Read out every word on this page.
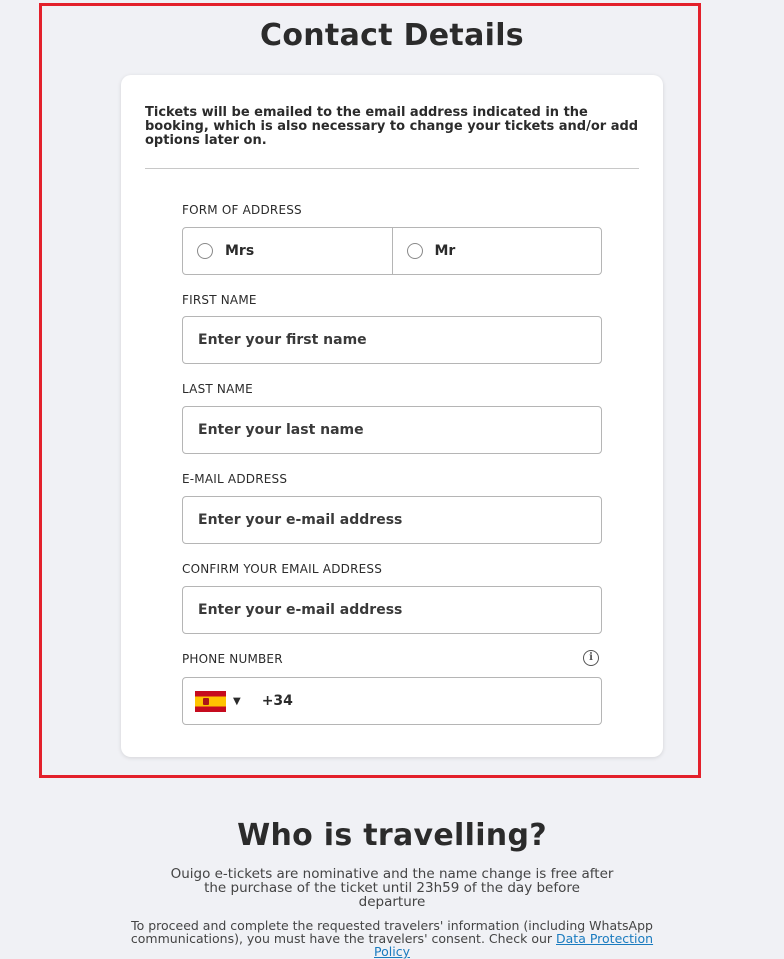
Contact Details

Tickets will be emailed to the email address indicated in the booking, which is also necessary to change your tickets and/or add options later on.

FORM OF ADDRESS
Mrs	Mr
FIRST NAME
Enter your first name
LAST NAME
Enter your last name
E-MAIL ADDRESS
Enter your e-mail address
CONFIRM YOUR EMAIL ADDRESS
Enter your e-mail address
PHONE NUMBER	i
▼ +34
Who is travelling?

Ouigo e-tickets are nominative and the name change is free after the purchase of the ticket until 23h59 of the day before departure

To proceed and complete the requested travelers' information (including WhatsApp communications), you must have the travelers' consent. Check our Data Protection Policy
